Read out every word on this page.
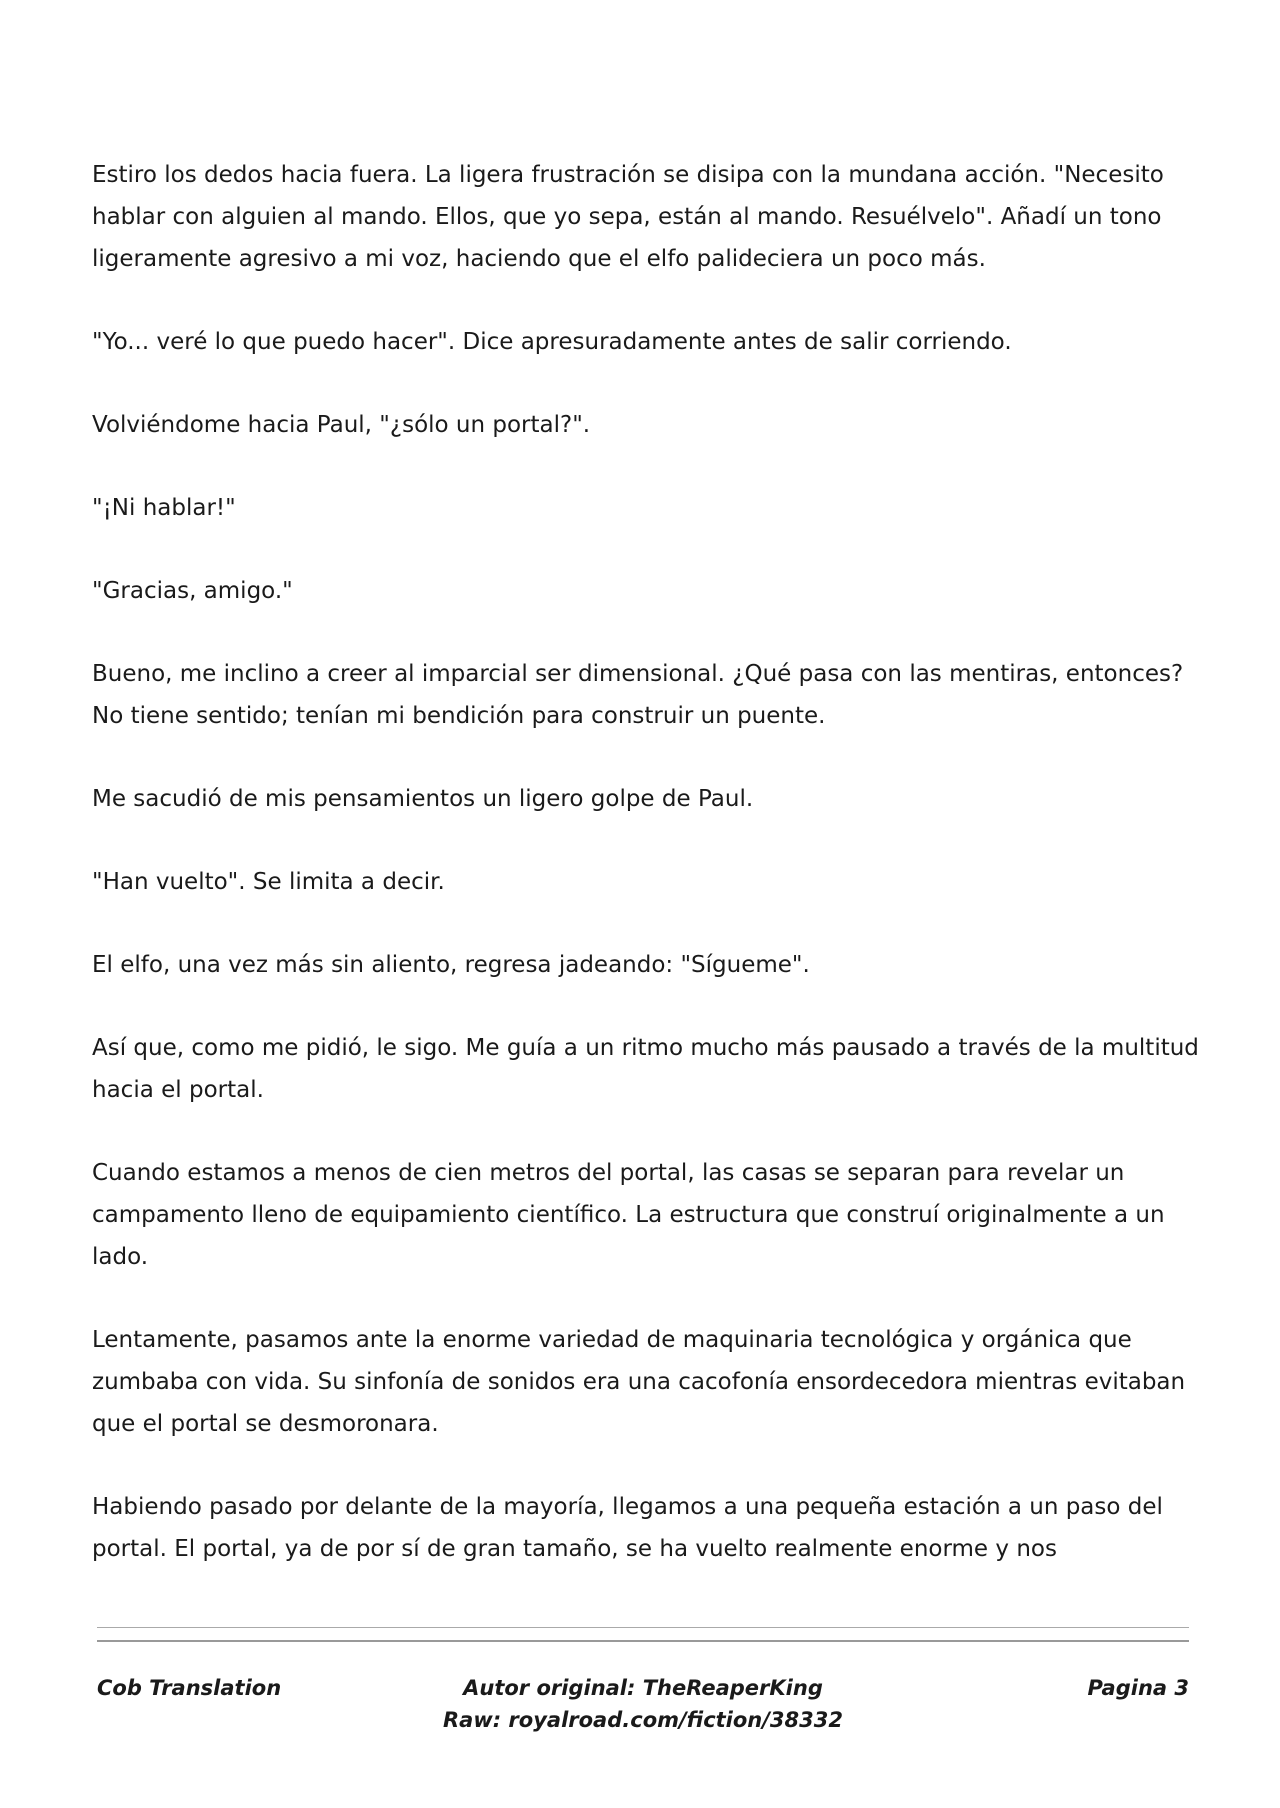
Estiro los dedos hacia fuera. La ligera frustración se disipa con la mundana acción. "Necesito hablar con alguien al mando. Ellos, que yo sepa, están al mando. Resuélvelo". Añadí un tono ligeramente agresivo a mi voz, haciendo que el elfo palideciera un poco más.

"Yo... veré lo que puedo hacer". Dice apresuradamente antes de salir corriendo.

Volviéndome hacia Paul, "¿sólo un portal?".

"¡Ni hablar!"

"Gracias, amigo."

Bueno, me inclino a creer al imparcial ser dimensional. ¿Qué pasa con las mentiras, entonces? No tiene sentido; tenían mi bendición para construir un puente.

Me sacudió de mis pensamientos un ligero golpe de Paul.

"Han vuelto". Se limita a decir.

El elfo, una vez más sin aliento, regresa jadeando: "Sígueme".

Así que, como me pidió, le sigo. Me guía a un ritmo mucho más pausado a través de la multitud hacia el portal.

Cuando estamos a menos de cien metros del portal, las casas se separan para revelar un campamento lleno de equipamiento científico. La estructura que construí originalmente a un lado.

Lentamente, pasamos ante la enorme variedad de maquinaria tecnológica y orgánica que zumbaba con vida. Su sinfonía de sonidos era una cacofonía ensordecedora mientras evitaban que el portal se desmoronara.

Habiendo pasado por delante de la mayoría, llegamos a una pequeña estación a un paso del portal. El portal, ya de por sí de gran tamaño, se ha vuelto realmente enorme y nos

Cob Translation	Autor original: TheReaperKing
Raw: royalroad.com/fiction/38332
Pagina 3
